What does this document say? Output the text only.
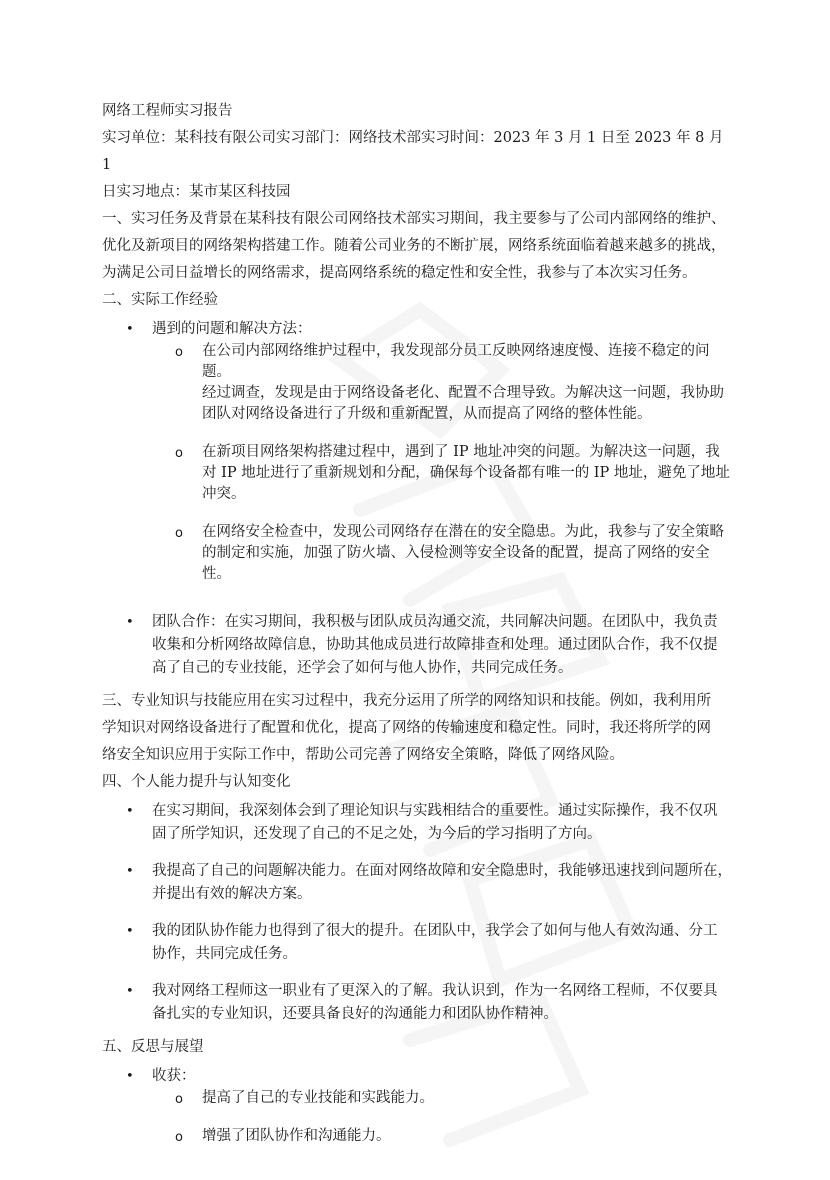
网络工程师实习报告

实习单位：某科技有限公司实习部门：网络技术部实习时间：2023 年 3 月 1 日至 2023 年 8 月 1

日实习地点：某市某区科技园

一、实习任务及背景在某科技有限公司网络技术部实习期间，我主要参与了公司内部网络的维护、

优化及新项目的网络架构搭建工作。随着公司业务的不断扩展，网络系统面临着越来越多的挑战，

为满足公司日益增长的网络需求，提高网络系统的稳定性和安全性，我参与了本次实习任务。

二、实际工作经验

• 遇到的问题和解决方法：
o 在公司内部网络维护过程中，我发现部分员工反映网络速度慢、连接不稳定的问题。
经过调查，发现是由于网络设备老化、配置不合理导致。为解决这一问题，我协助
团队对网络设备进行了升级和重新配置，从而提高了网络的整体性能。
o 在新项目网络架构搭建过程中，遇到了 IP 地址冲突的问题。为解决这一问题，我
对 IP 地址进行了重新规划和分配，确保每个设备都有唯一的 IP 地址，避免了地址
冲突。
o 在网络安全检查中，发现公司网络存在潜在的安全隐患。为此，我参与了安全策略
的制定和实施，加强了防火墙、入侵检测等安全设备的配置，提高了网络的安全性。
• 团队合作：在实习期间，我积极与团队成员沟通交流，共同解决问题。在团队中，我负责
收集和分析网络故障信息，协助其他成员进行故障排查和处理。通过团队合作，我不仅提
高了自己的专业技能，还学会了如何与他人协作，共同完成任务。

三、专业知识与技能应用在实习过程中，我充分运用了所学的网络知识和技能。例如，我利用所

学知识对网络设备进行了配置和优化，提高了网络的传输速度和稳定性。同时，我还将所学的网

络安全知识应用于实际工作中，帮助公司完善了网络安全策略，降低了网络风险。

四、个人能力提升与认知变化

• 在实习期间，我深刻体会到了理论知识与实践相结合的重要性。通过实际操作，我不仅巩
固了所学知识，还发现了自己的不足之处，为今后的学习指明了方向。
• 我提高了自己的问题解决能力。在面对网络故障和安全隐患时，我能够迅速找到问题所在，
并提出有效的解决方案。
• 我的团队协作能力也得到了很大的提升。在团队中，我学会了如何与他人有效沟通、分工
协作，共同完成任务。
• 我对网络工程师这一职业有了更深入的了解。我认识到，作为一名网络工程师，不仅要具
备扎实的专业知识，还要具备良好的沟通能力和团队协作精神。

五、反思与展望

• 收获：
o 提高了自己的专业技能和实践能力。
o 增强了团队协作和沟通能力。
